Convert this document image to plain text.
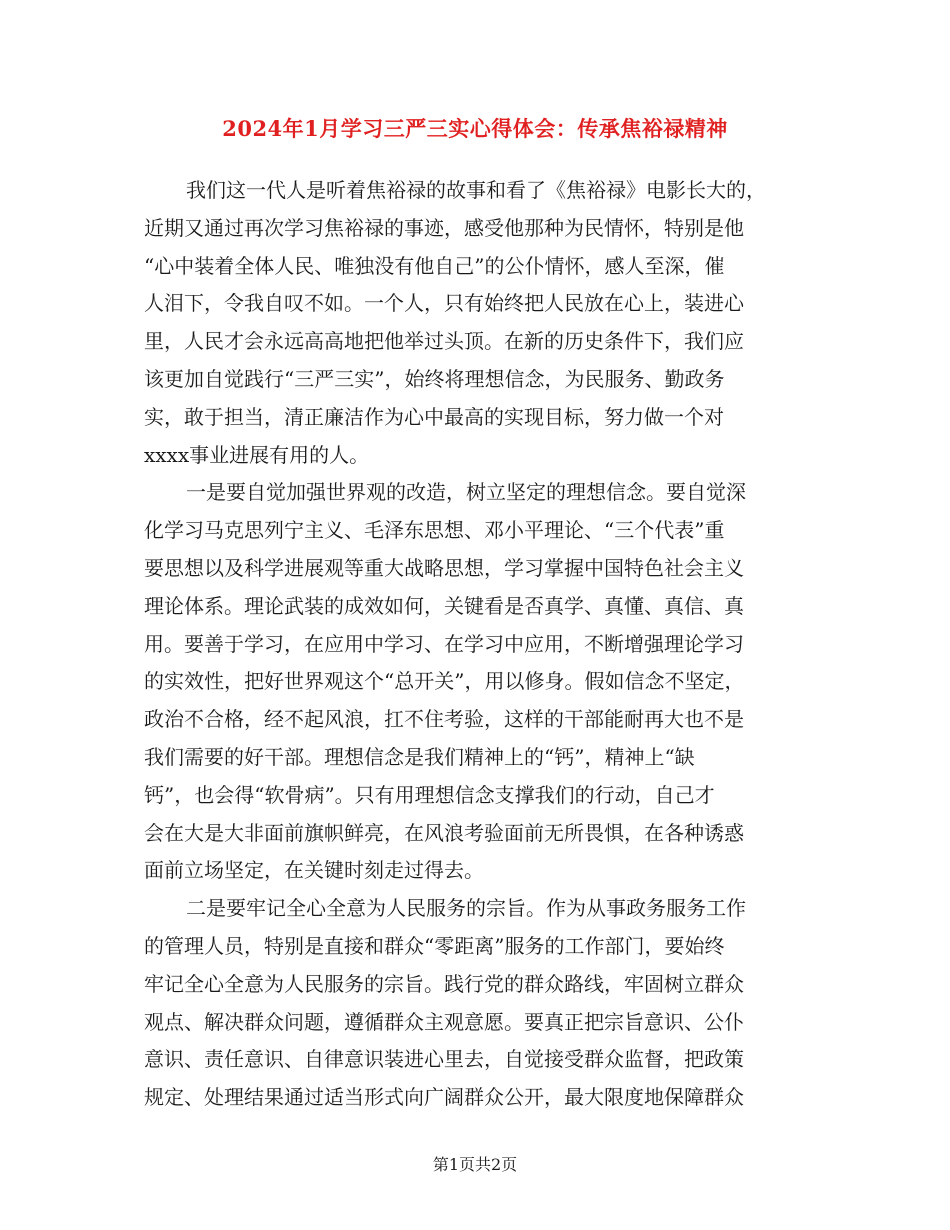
2024年1月学习三严三实心得体会：传承焦裕禄精神
我们这一代人是听着焦裕禄的故事和看了《焦裕禄》电影长大的，
近期又通过再次学习焦裕禄的事迹，感受他那种为民情怀，特别是他
“心中装着全体人民、唯独没有他自己”的公仆情怀，感人至深，催
人泪下，令我自叹不如。一个人，只有始终把人民放在心上，装进心
里，人民才会永远高高地把他举过头顶。在新的历史条件下，我们应
该更加自觉践行“三严三实”，始终将理想信念，为民服务、勤政务
实，敢于担当，清正廉洁作为心中最高的实现目标，努力做一个对
xxxx事业进展有用的人。
一是要自觉加强世界观的改造，树立坚定的理想信念。要自觉深
化学习马克思列宁主义、毛泽东思想、邓小平理论、“三个代表”重
要思想以及科学进展观等重大战略思想，学习掌握中国特色社会主义
理论体系。理论武装的成效如何，关键看是否真学、真懂、真信、真
用。要善于学习，在应用中学习、在学习中应用，不断增强理论学习
的实效性，把好世界观这个“总开关”，用以修身。假如信念不坚定，
政治不合格，经不起风浪，扛不住考验，这样的干部能耐再大也不是
我们需要的好干部。理想信念是我们精神上的“钙”，精神上“缺
钙”，也会得“软骨病”。只有用理想信念支撑我们的行动，自己才
会在大是大非面前旗帜鲜亮，在风浪考验面前无所畏惧，在各种诱惑
面前立场坚定，在关键时刻走过得去。
二是要牢记全心全意为人民服务的宗旨。作为从事政务服务工作
的管理人员，特别是直接和群众“零距离”服务的工作部门，要始终
牢记全心全意为人民服务的宗旨。践行党的群众路线，牢固树立群众
观点、解决群众问题，遵循群众主观意愿。要真正把宗旨意识、公仆
意识、责任意识、自律意识装进心里去，自觉接受群众监督，把政策
规定、处理结果通过适当形式向广阔群众公开，最大限度地保障群众
第1页共2页
